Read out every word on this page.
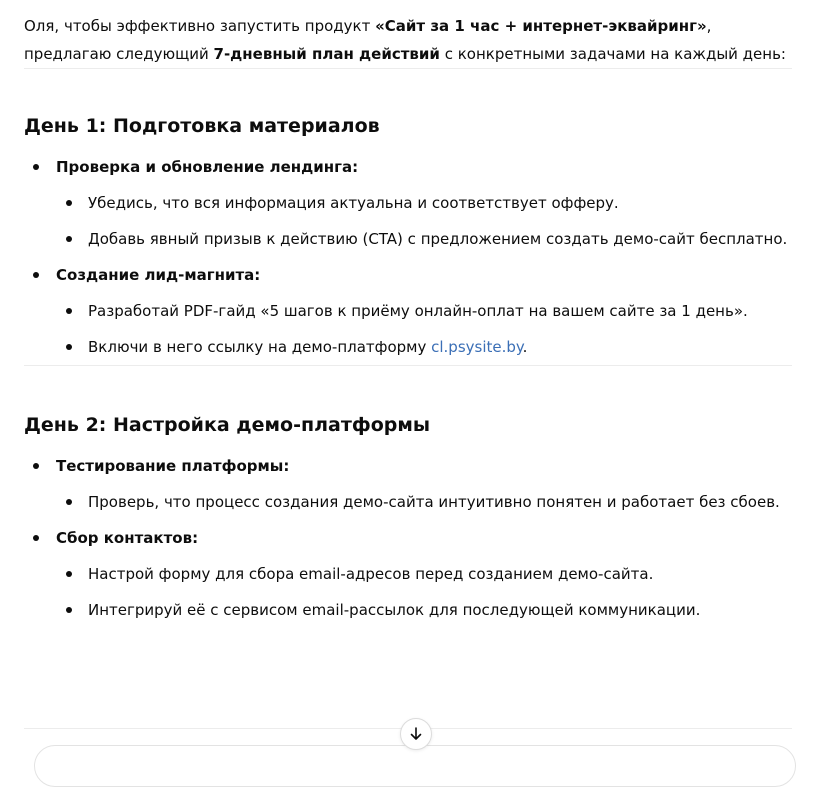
Оля, чтобы эффективно запустить продукт «Сайт за 1 час + интернет-эквайринг», предлагаю следующий 7-дневный план действий с конкретными задачами на каждый день:

День 1: Подготовка материалов
Проверка и обновление лендинга:
Убедись, что вся информация актуальна и соответствует офферу.
Добавь явный призыв к действию (CTA) с предложением создать демо-сайт бесплатно.
Создание лид-магнита:
Разработай PDF-гайд «5 шагов к приёму онлайн-оплат на вашем сайте за 1 день».
Включи в него ссылку на демо-платформу cl.psysite.by.
День 2: Настройка демо-платформы
Тестирование платформы:
Проверь, что процесс создания демо-сайта интуитивно понятен и работает без сбоев.
Сбор контактов:
Настрой форму для сбора email-адресов перед созданием демо-сайта.
Интегрируй её с сервисом email-рассылок для последующей коммуникации.
